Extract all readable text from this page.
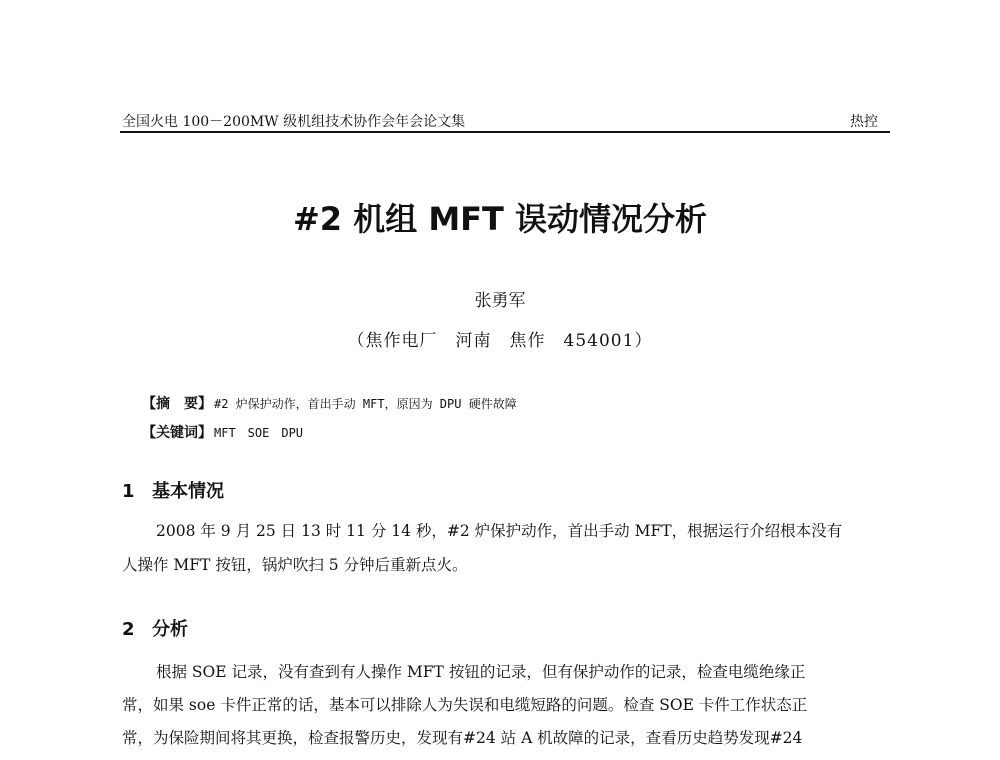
全国火电 100－200MW 级机组技术协作会年会论文集	热控
#2 机组 MFT 误动情况分析
张勇军
（焦作电厂　河南　焦作　454001）
【摘　要】 #2 炉保护动作，首出手动 MFT，原因为 DPU 硬件故障
【关键词】 MFT　SOE　DPU
1 基本情况
2008 年 9 月 25 日 13 时 11 分 14 秒，#2 炉保护动作，首出手动 MFT，根据运行介绍根本没有
人操作 MFT 按钮，锅炉吹扫 5 分钟后重新点火。
2 分析
根据 SOE 记录，没有查到有人操作 MFT 按钮的记录，但有保护动作的记录，检查电缆绝缘正
常，如果 soe 卡件正常的话，基本可以排除人为失误和电缆短路的问题。检查 SOE 卡件工作状态正
常，为保险期间将其更换，检查报警历史，发现有#24 站 A 机故障的记录，查看历史趋势发现#24
